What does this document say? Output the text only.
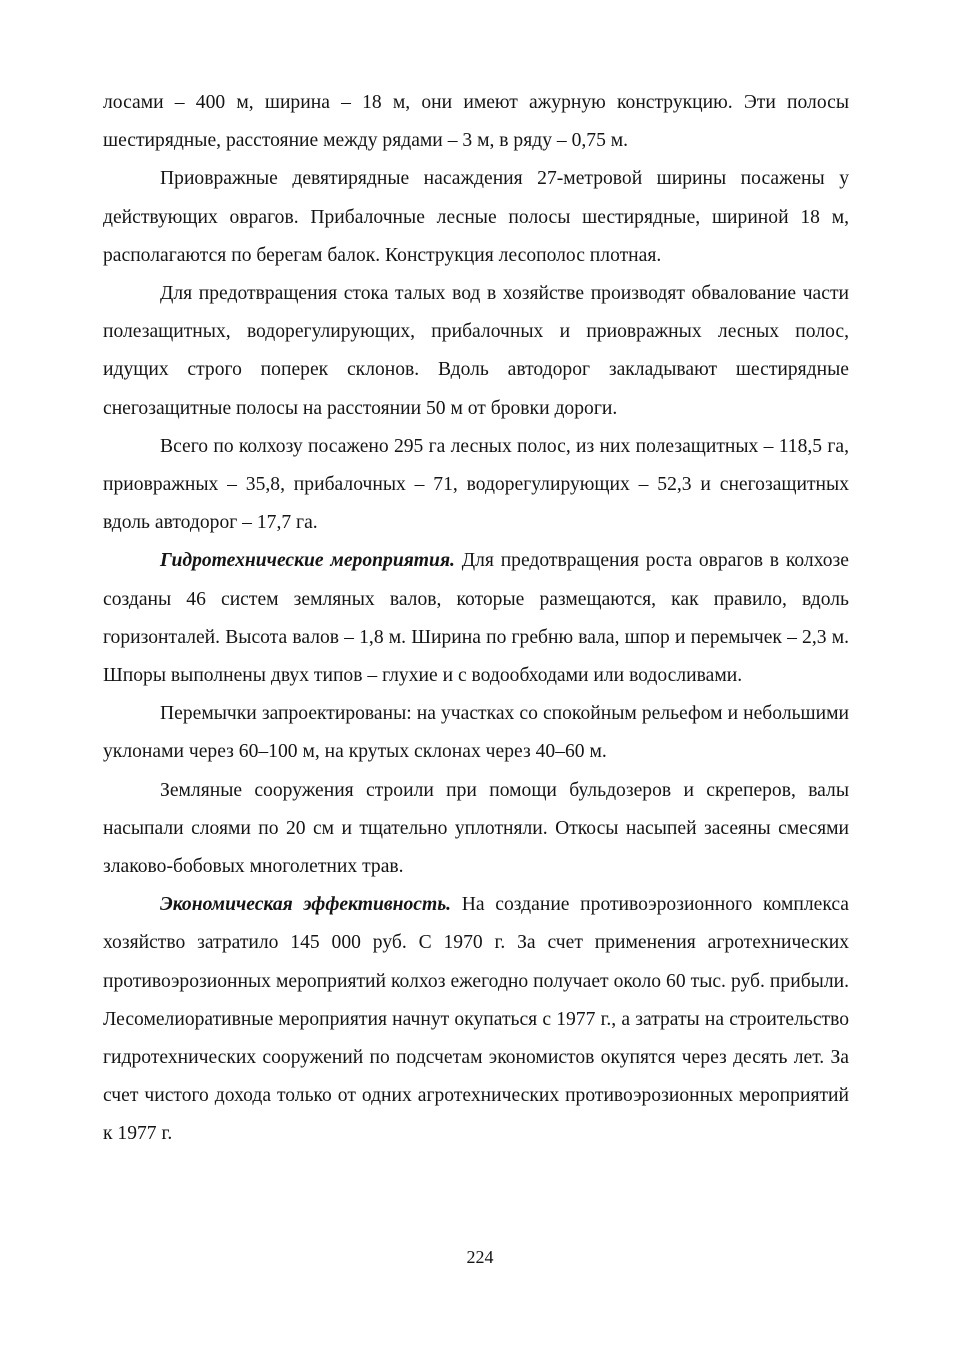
лосами – 400 м, ширина – 18 м, они имеют ажурную конструкцию. Эти полосы шестирядные, расстояние между рядами – 3 м, в ряду – 0,75 м.

Приовражные девятирядные насаждения 27-метровой ширины посажены у действующих оврагов. Прибалочные лесные полосы шестирядные, шириной 18 м, располагаются по берегам балок. Конструкция лесополос плотная.

Для предотвращения стока талых вод в хозяйстве производят обвалование части полезащитных, водорегулирующих, прибалочных и приовражных лесных полос, идущих строго поперек склонов. Вдоль автодорог закладывают шестирядные снегозащитные полосы на расстоянии 50 м от бровки дороги.

Всего по колхозу посажено 295 га лесных полос, из них полезащитных – 118,5 га, приовражных – 35,8, прибалочных – 71, водорегулирующих – 52,3 и снегозащитных вдоль автодорог – 17,7 га.

Гидротехнические мероприятия. Для предотвращения роста оврагов в колхозе созданы 46 систем земляных валов, которые размещаются, как правило, вдоль горизонталей. Высота валов – 1,8 м. Ширина по гребню вала, шпор и перемычек – 2,3 м. Шпоры выполнены двух типов – глухие и с водообходами или водосливами.

Перемычки запроектированы: на участках со спокойным рельефом и небольшими уклонами через 60–100 м, на крутых склонах через 40–60 м.

Земляные сооружения строили при помощи бульдозеров и скреперов, валы насыпали слоями по 20 см и тщательно уплотняли. Откосы насыпей засеяны смесями злаково-бобовых многолетних трав.

Экономическая эффективность. На создание противоэрозионного комплекса хозяйство затратило 145 000 руб. С 1970 г. За счет применения агротехнических противоэрозионных мероприятий колхоз ежегодно получает около 60 тыс. руб. прибыли. Лесомелиоративные мероприятия начнут окупаться с 1977 г., а затраты на строительство гидротехнических сооружений по подсчетам экономистов окупятся через десять лет. За счет чистого дохода только от одних агротехнических противоэрозионных мероприятий к 1977 г.

224
